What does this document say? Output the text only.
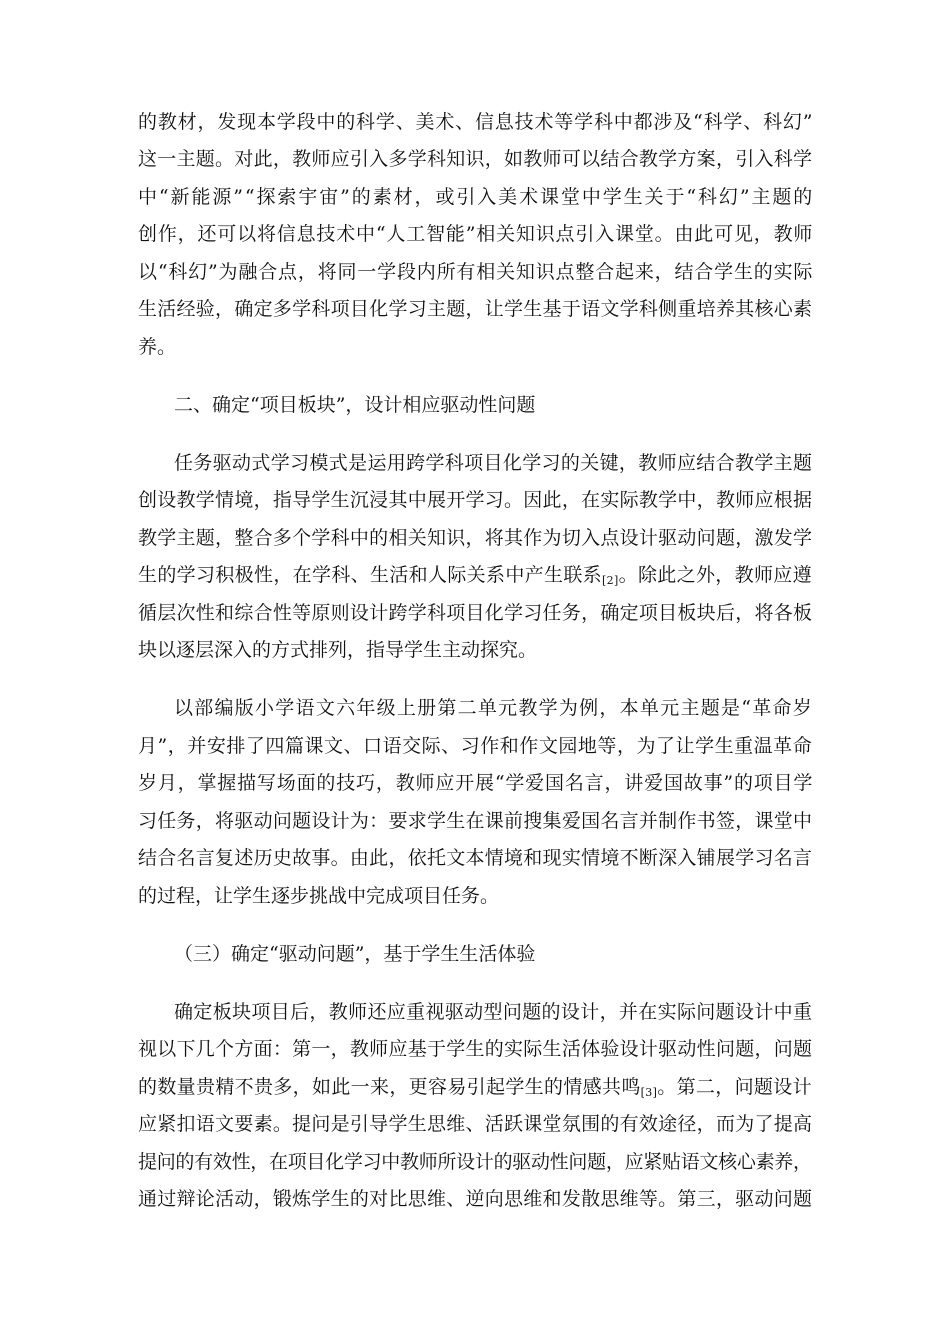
的教材，发现本学段中的科学、美术、信息技术等学科中都涉及“科学、科幻”
这一主题。对此，教师应引入多学科知识，如教师可以结合教学方案，引入科学
中“新能源”“探索宇宙”的素材，或引入美术课堂中学生关于“科幻”主题的
创作，还可以将信息技术中“人工智能”相关知识点引入课堂。由此可见，教师
以“科幻”为融合点，将同一学段内所有相关知识点整合起来，结合学生的实际
生活经验，确定多学科项目化学习主题，让学生基于语文学科侧重培养其核心素
养。
二、确定“项目板块”，设计相应驱动性问题
任务驱动式学习模式是运用跨学科项目化学习的关键，教师应结合教学主题
创设教学情境，指导学生沉浸其中展开学习。因此，在实际教学中，教师应根据
教学主题，整合多个学科中的相关知识，将其作为切入点设计驱动问题，激发学
生的学习积极性，在学科、生活和人际关系中产生联系$_{[2]}$。除此之外，教师应遵
循层次性和综合性等原则设计跨学科项目化学习任务，确定项目板块后，将各板
块以逐层深入的方式排列，指导学生主动探究。
以部编版小学语文六年级上册第二单元教学为例，本单元主题是“革命岁
月”，并安排了四篇课文、口语交际、习作和作文园地等，为了让学生重温革命
岁月，掌握描写场面的技巧，教师应开展“学爱国名言，讲爱国故事”的项目学
习任务，将驱动问题设计为：要求学生在课前搜集爱国名言并制作书签，课堂中
结合名言复述历史故事。由此，依托文本情境和现实情境不断深入铺展学习名言
的过程，让学生逐步挑战中完成项目任务。
（三）确定“驱动问题”，基于学生生活体验
确定板块项目后，教师还应重视驱动型问题的设计，并在实际问题设计中重
视以下几个方面：第一，教师应基于学生的实际生活体验设计驱动性问题，问题
的数量贵精不贵多，如此一来，更容易引起学生的情感共鸣$_{[3]}$。第二，问题设计
应紧扣语文要素。提问是引导学生思维、活跃课堂氛围的有效途径，而为了提高
提问的有效性，在项目化学习中教师所设计的驱动性问题，应紧贴语文核心素养，
通过辩论活动，锻炼学生的对比思维、逆向思维和发散思维等。第三，驱动问题
